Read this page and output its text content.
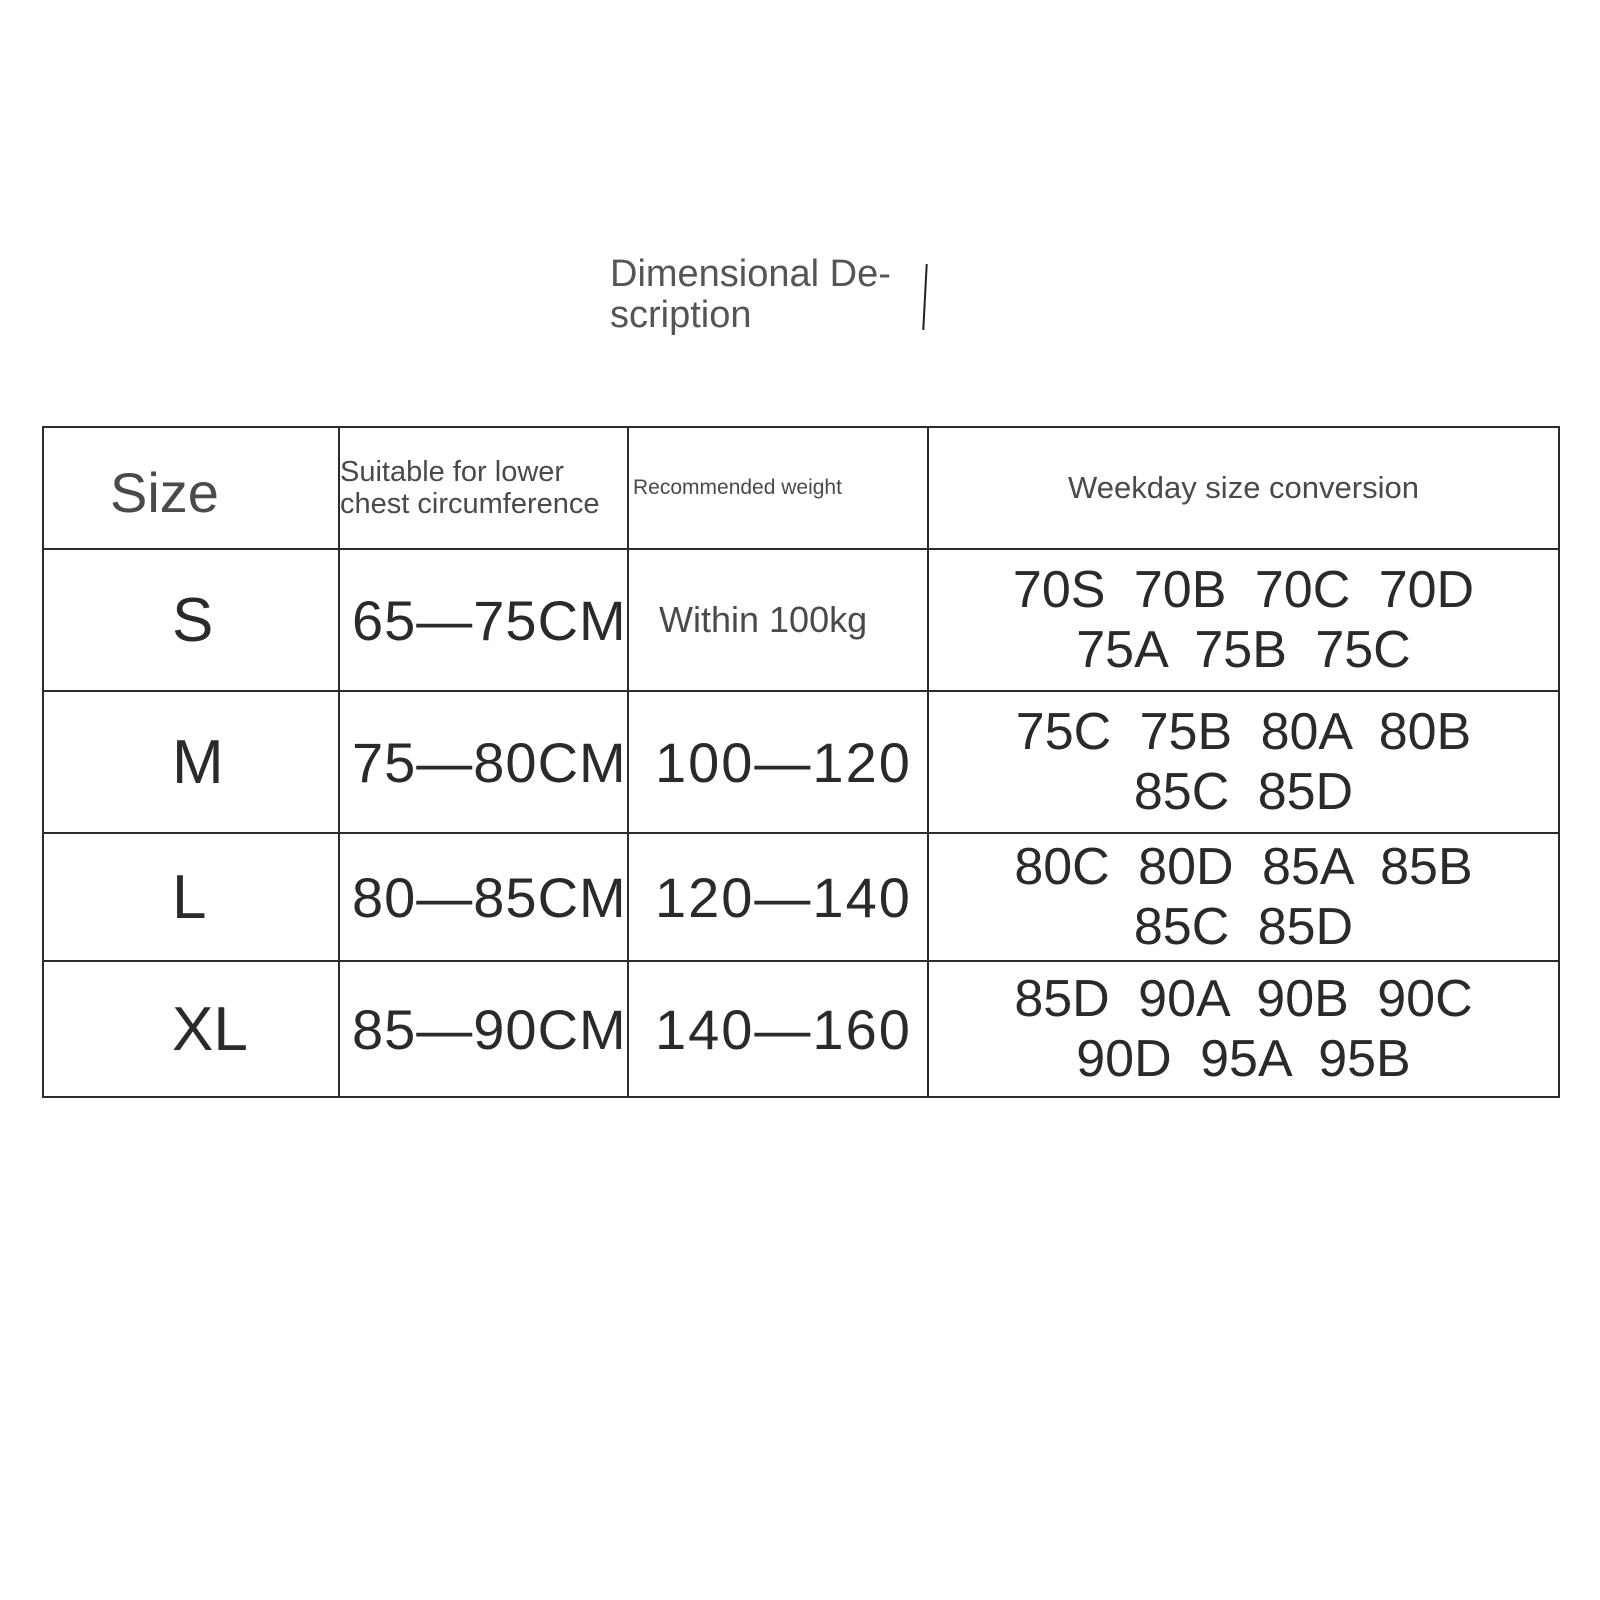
Dimensional De-
scription
Size	Suitable for lower
chest circumference	Recommended weight	Weekday size conversion
S	65—75CM	Within 100kg	70S 70B 70C 70D
75A 75B 75C

M	75—80CM	100—120	75C 75B 80A 80B
85C 85D

L	80—85CM	120—140	80C 80D 85A 85B
85C 85D

XL	85—90CM	140—160	85D 90A 90B 90C
90D 95A 95B
